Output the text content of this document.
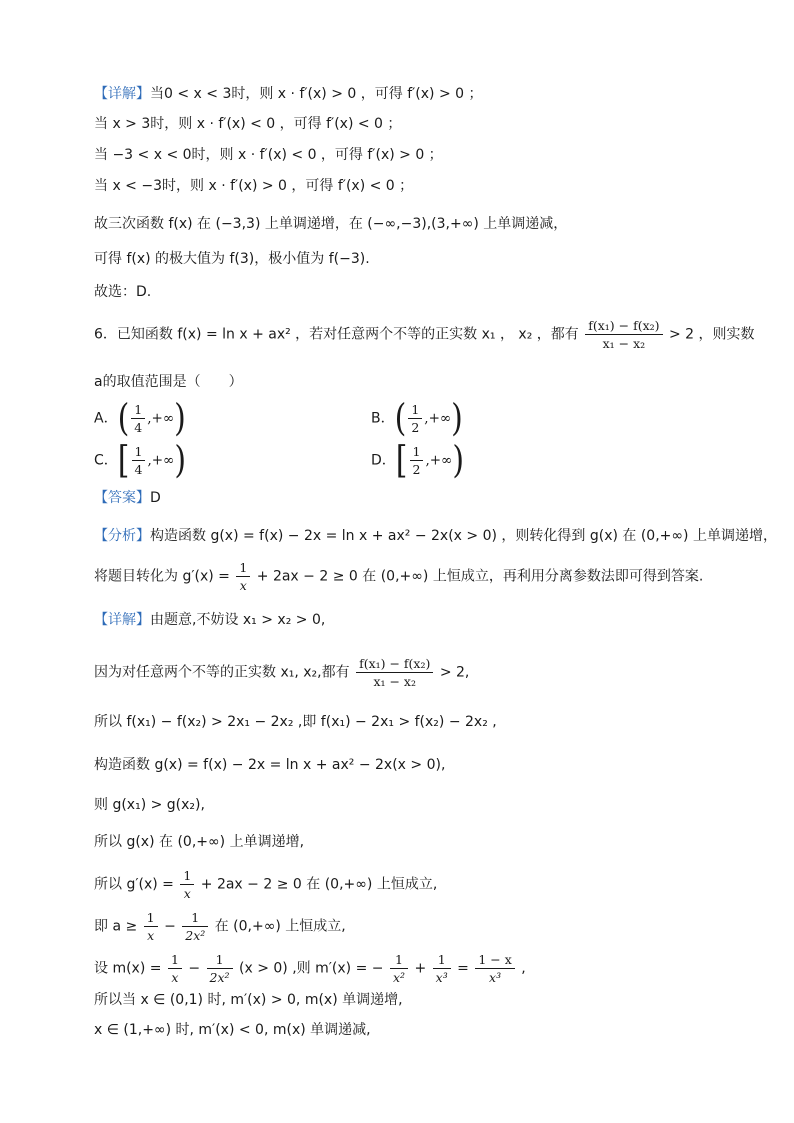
【详解】当0 < x < 3时，则 x · f′(x) > 0 ，可得 f′(x) > 0 ；
当 x > 3时，则 x · f′(x) < 0 ，可得 f′(x) < 0 ；
当 −3 < x < 0时，则 x · f′(x) < 0 ，可得 f′(x) > 0 ；
当 x < −3时，则 x · f′(x) > 0 ，可得 f′(x) < 0 ；
故三次函数 f(x) 在 (−3,3) 上单调递增，在 (−∞,−3),(3,+∞) 上单调递减，
可得 f(x) 的极大值为 f(3)，极小值为 f(−3).
故选：D.
6．已知函数 f(x) = ln x + ax² ，若对任意两个不等的正实数 x₁ ， x₂ ，都有 $\frac{\text{f(x₁) − f(x₂)}}{\text{x₁ − x₂}} > 2$ ，则实数
a的取值范围是（　　）
A．( $\frac{1}{4}$ ,+∞)	B．( $\frac{1}{2}$ ,+∞)
C．[ $\frac{1}{4}$ ,+∞)	D．[ $\frac{1}{2}$ ,+∞)
【答案】D
【分析】构造函数 g(x) = f(x) − 2x = ln x + ax² − 2x(x > 0) ，则转化得到 g(x) 在 (0,+∞) 上单调递增，
将题目转化为 $g'(x) = \frac{1}{x} + 2ax - 2 \ge 0$ 在 (0,+∞) 上恒成立，再利用分离参数法即可得到答案.
【详解】由题意,不妨设 x₁ > x₂ > 0,
因为对任意两个不等的正实数 x₁, x₂,都有 $\frac{\text{f(x₁) − f(x₂)}}{\text{x₁ − x₂}} > 2$,
所以 f(x₁) − f(x₂) > 2x₁ − 2x₂ ,即 f(x₁) − 2x₁ > f(x₂) − 2x₂ ,
构造函数 g(x) = f(x) − 2x = ln x + ax² − 2x(x > 0),
则 g(x₁) > g(x₂),
所以 g(x) 在 (0,+∞) 上单调递增,
所以 $g'(x) = \frac{1}{x} + 2ax - 2 \ge 0$ 在 (0,+∞) 上恒成立,
即 $a \ge \frac{1}{x} - \frac{1}{\text{2x²}}$ 在 (0,+∞) 上恒成立,
设 $m(x) = \frac{1}{x} - \frac{1}{\text{2x²}} (x > 0)$ ,则 m′(x) = − $\frac{1}{\text{x²}} + \frac{1}{\text{x³}} = \frac{1 - x}{\text{x³}}$ ,
所以当 x ∈ (0,1) 时, m′(x) > 0, m(x) 单调递增,
x ∈ (1,+∞) 时, m′(x) < 0, m(x) 单调递减,
